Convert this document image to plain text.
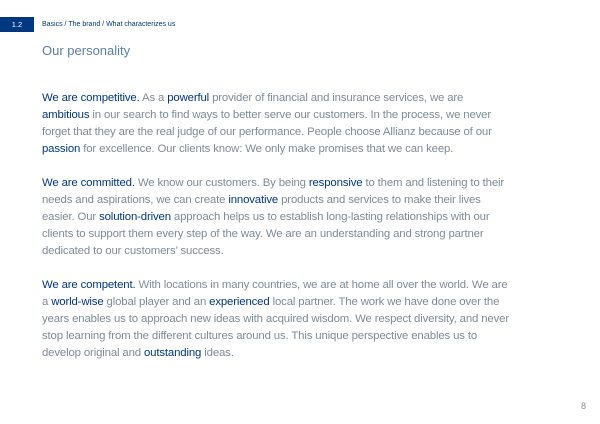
1.2	Basics / The brand / What characterizes us
Our personality

We are competitive. As a powerful provider of financial and insurance services, we are ambitious in our search to find ways to better serve our customers. In the process, we never forget that they are the real judge of our performance. People choose Allianz because of our passion for excellence. Our clients know: We only make promises that we can keep.

We are committed. We know our customers. By being responsive to them and listening to their needs and aspirations, we can create innovative products and services to make their lives easier. Our solution-driven approach helps us to establish long-lasting relationships with our clients to support them every step of the way. We are an understanding and strong partner dedicated to our customers’ success.

We are competent. With locations in many countries, we are at home all over the world. We are a world-wise global player and an experienced local partner. The work we have done over the years enables us to approach new ideas with acquired wisdom. We respect diversity, and never stop learning from the different cultures around us. This unique perspective enables us to develop original and outstanding ideas.

8
